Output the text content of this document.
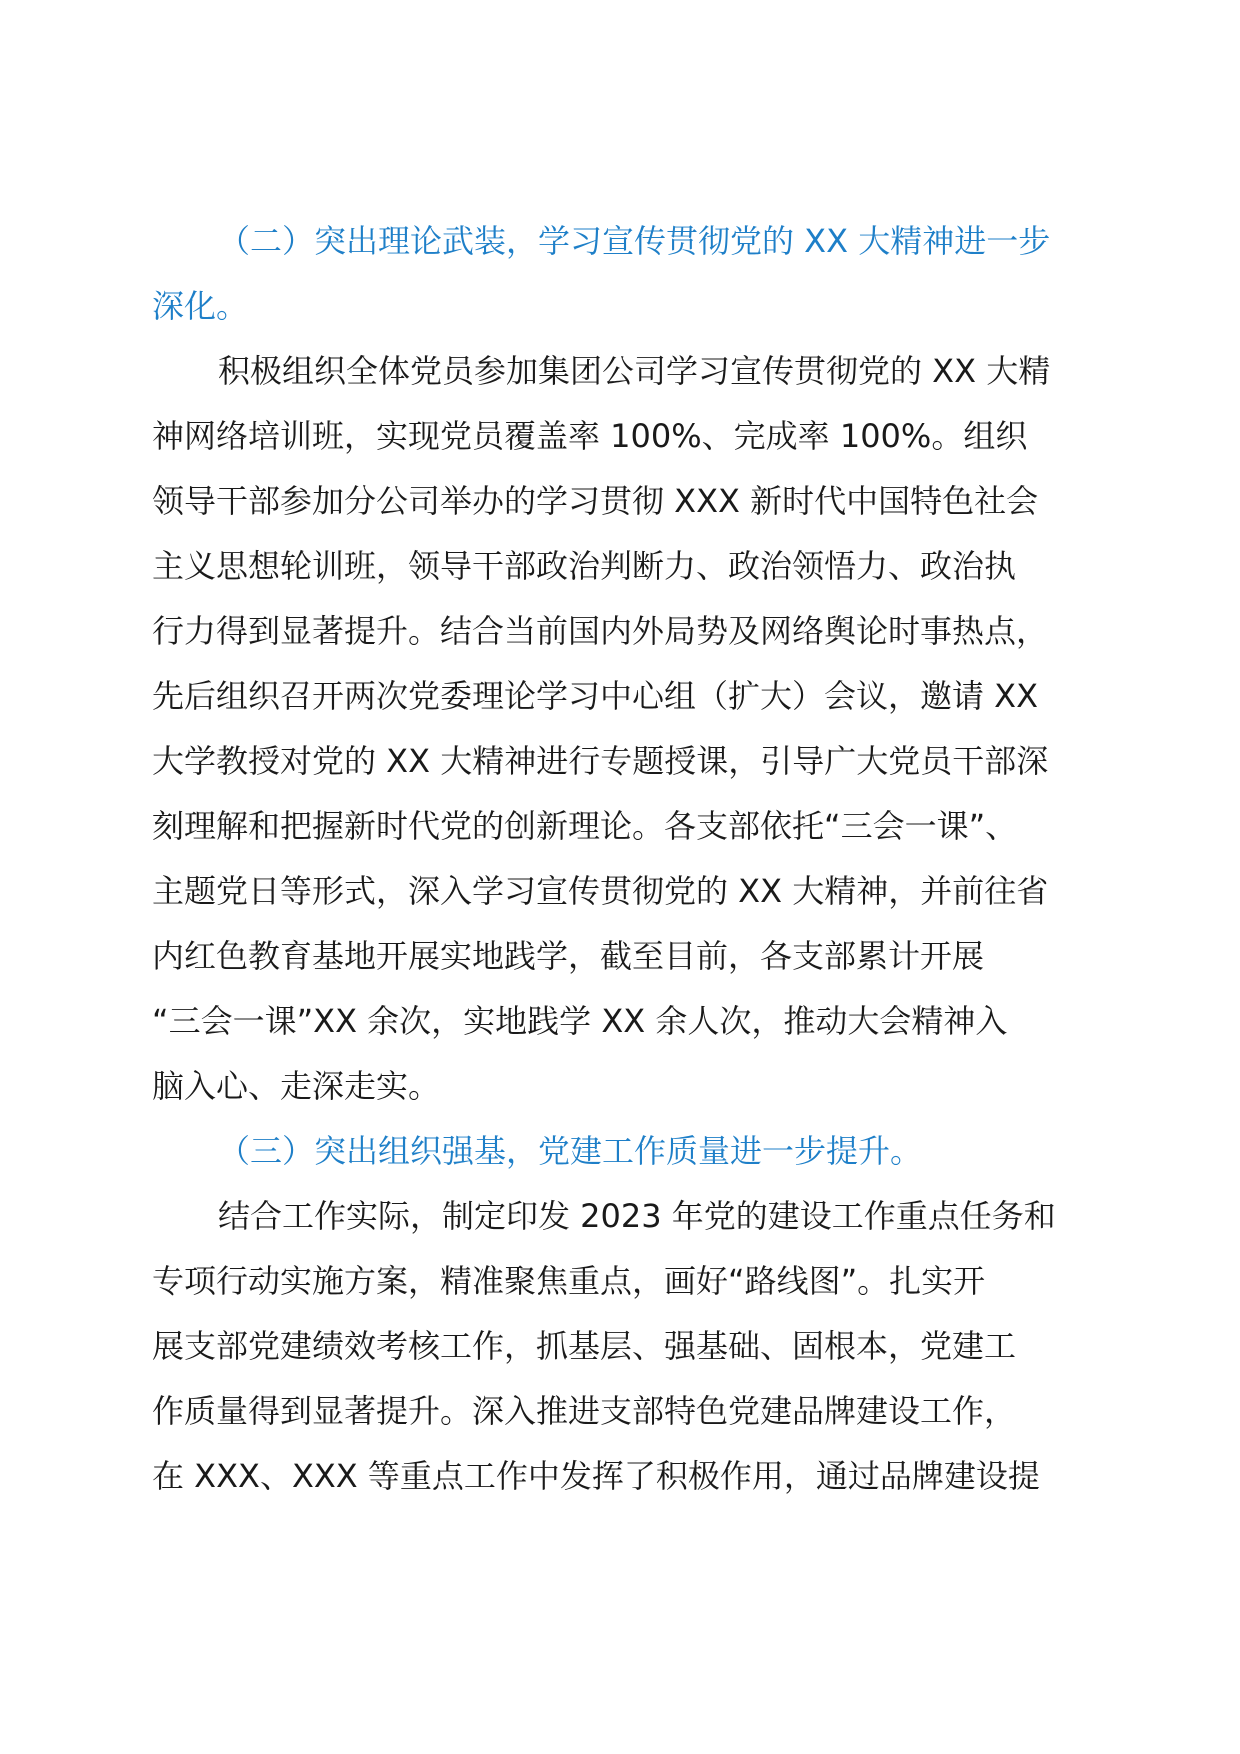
（二）突出理论武装，学习宣传贯彻党的 XX 大精神进一步
深化。
积极组织全体党员参加集团公司学习宣传贯彻党的 XX 大精
神网络培训班，实现党员覆盖率 100%、完成率 100%。组织
领导干部参加分公司举办的学习贯彻 XXX 新时代中国特色社会
主义思想轮训班，领导干部政治判断力、政治领悟力、政治执
行力得到显著提升。结合当前国内外局势及网络舆论时事热点，
先后组织召开两次党委理论学习中心组（扩大）会议，邀请 XX
大学教授对党的 XX 大精神进行专题授课，引导广大党员干部深
刻理解和把握新时代党的创新理论。各支部依托“三会一课”、
主题党日等形式，深入学习宣传贯彻党的 XX 大精神，并前往省
内红色教育基地开展实地践学，截至目前，各支部累计开展
“三会一课”XX 余次，实地践学 XX 余人次，推动大会精神入
脑入心、走深走实。
（三）突出组织强基，党建工作质量进一步提升。
结合工作实际，制定印发 2023 年党的建设工作重点任务和
专项行动实施方案，精准聚焦重点，画好“路线图”。扎实开
展支部党建绩效考核工作，抓基层、强基础、固根本，党建工
作质量得到显著提升。深入推进支部特色党建品牌建设工作，
在 XXX、XXX 等重点工作中发挥了积极作用，通过品牌建设提
